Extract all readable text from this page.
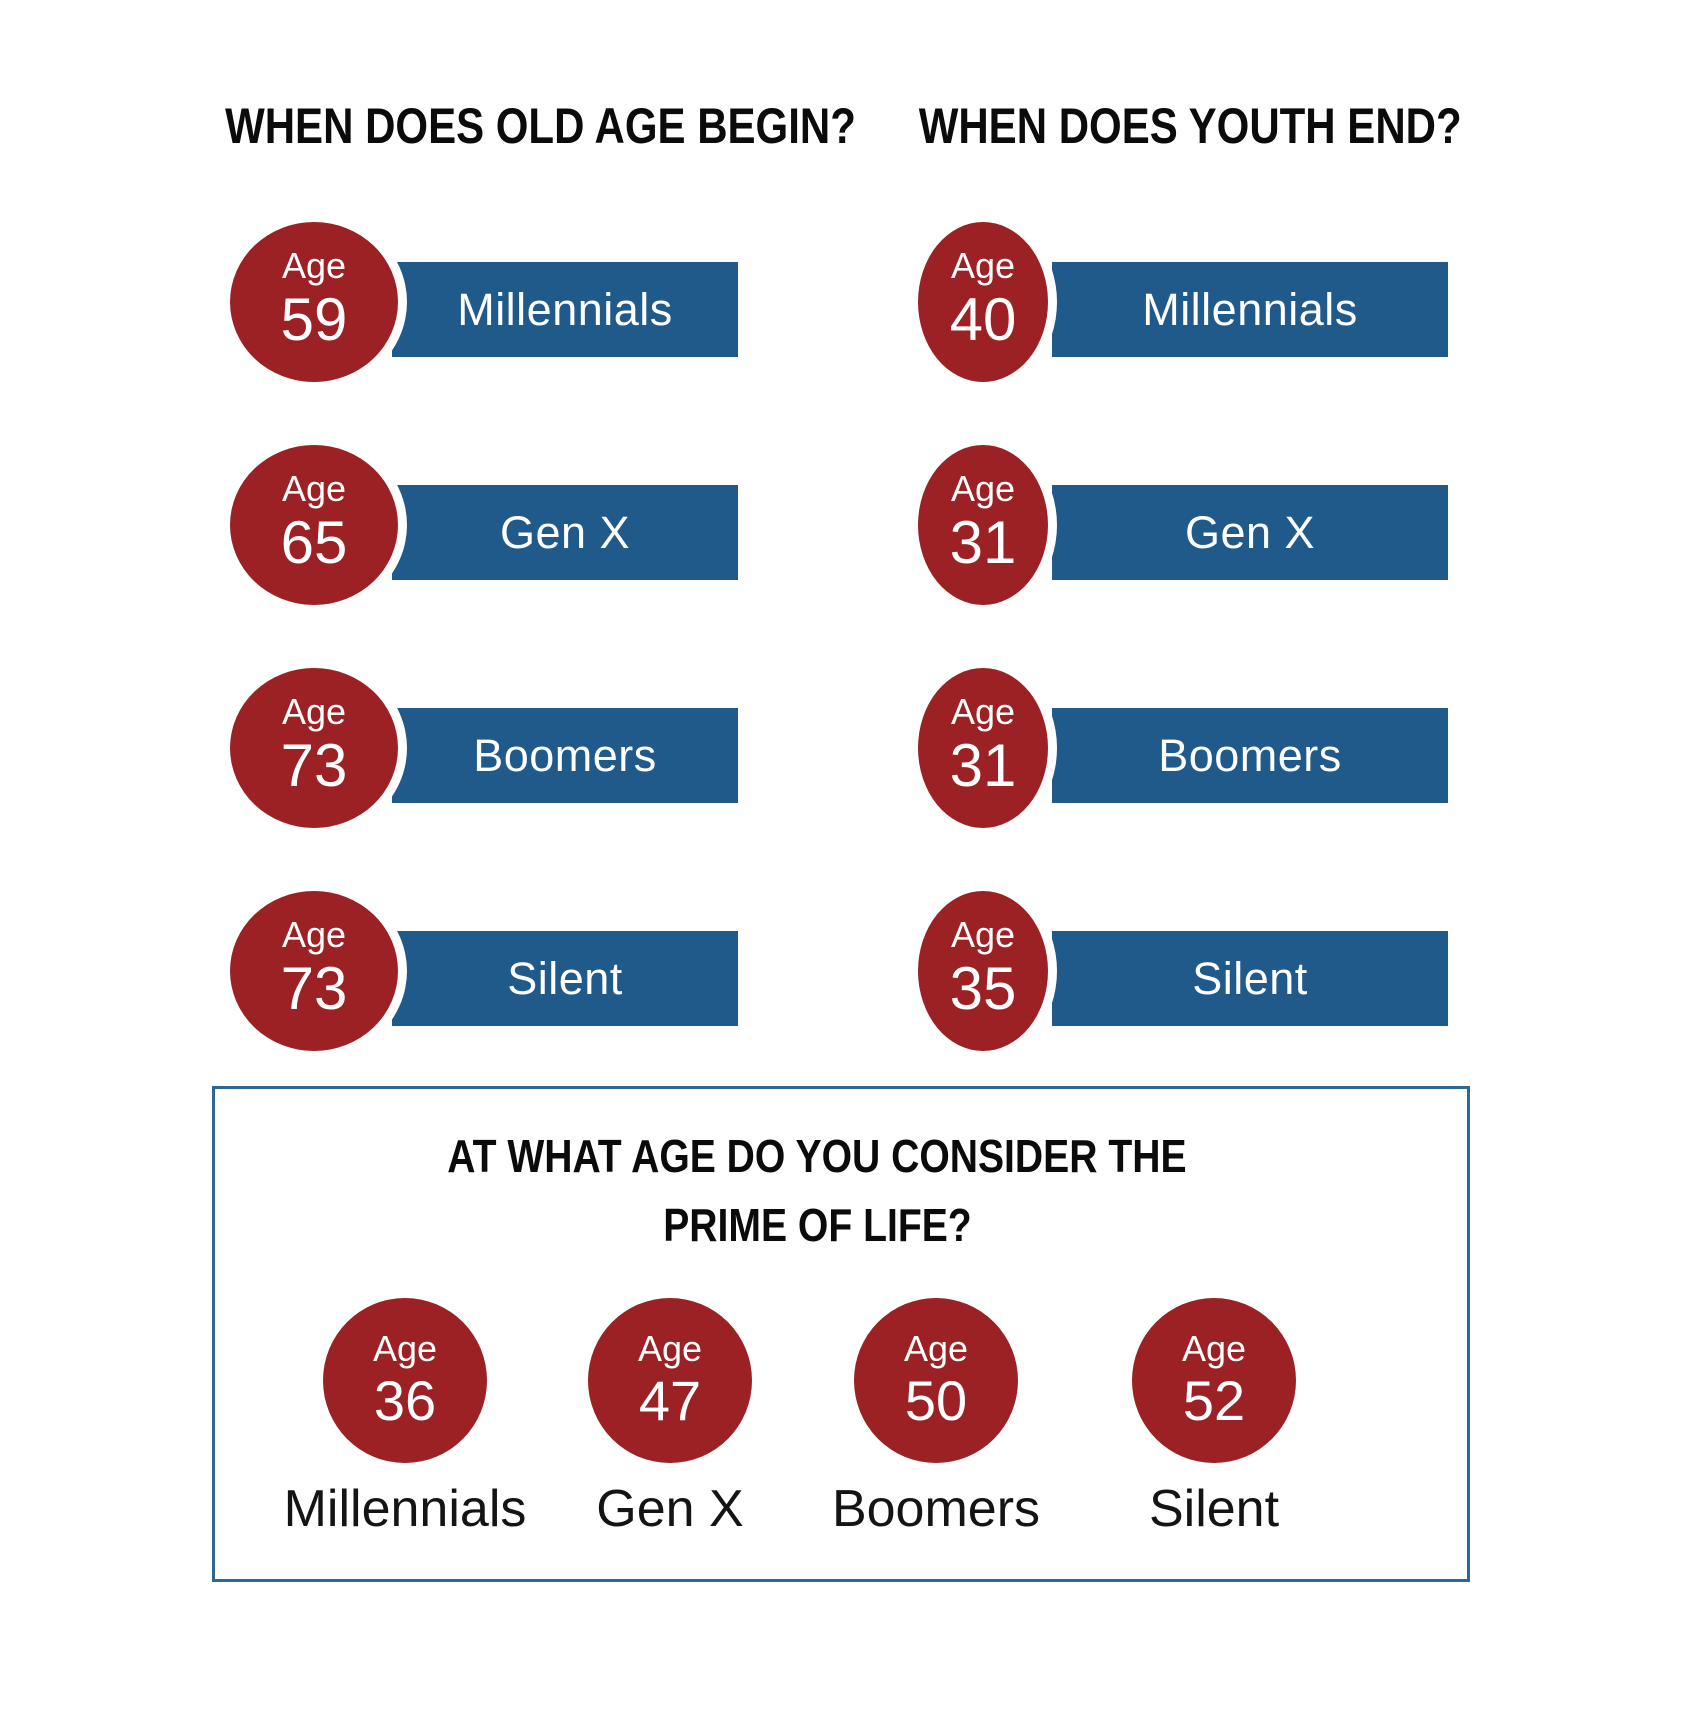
WHEN DOES OLD AGE BEGIN?	WHEN DOES YOUTH END?
Millennials
Age
59
Gen X
Age
65
Boomers
Age
73
Silent
Age
73
Millennials
Age
40
Gen X
Age
31
Boomers
Age
31
Silent
Age
35
AT WHAT AGE DO YOU CONSIDER THE
PRIME OF LIFE?
Age
36
Millennials
Age
47
Gen X
Age
50
Boomers
Age
52
Silent
